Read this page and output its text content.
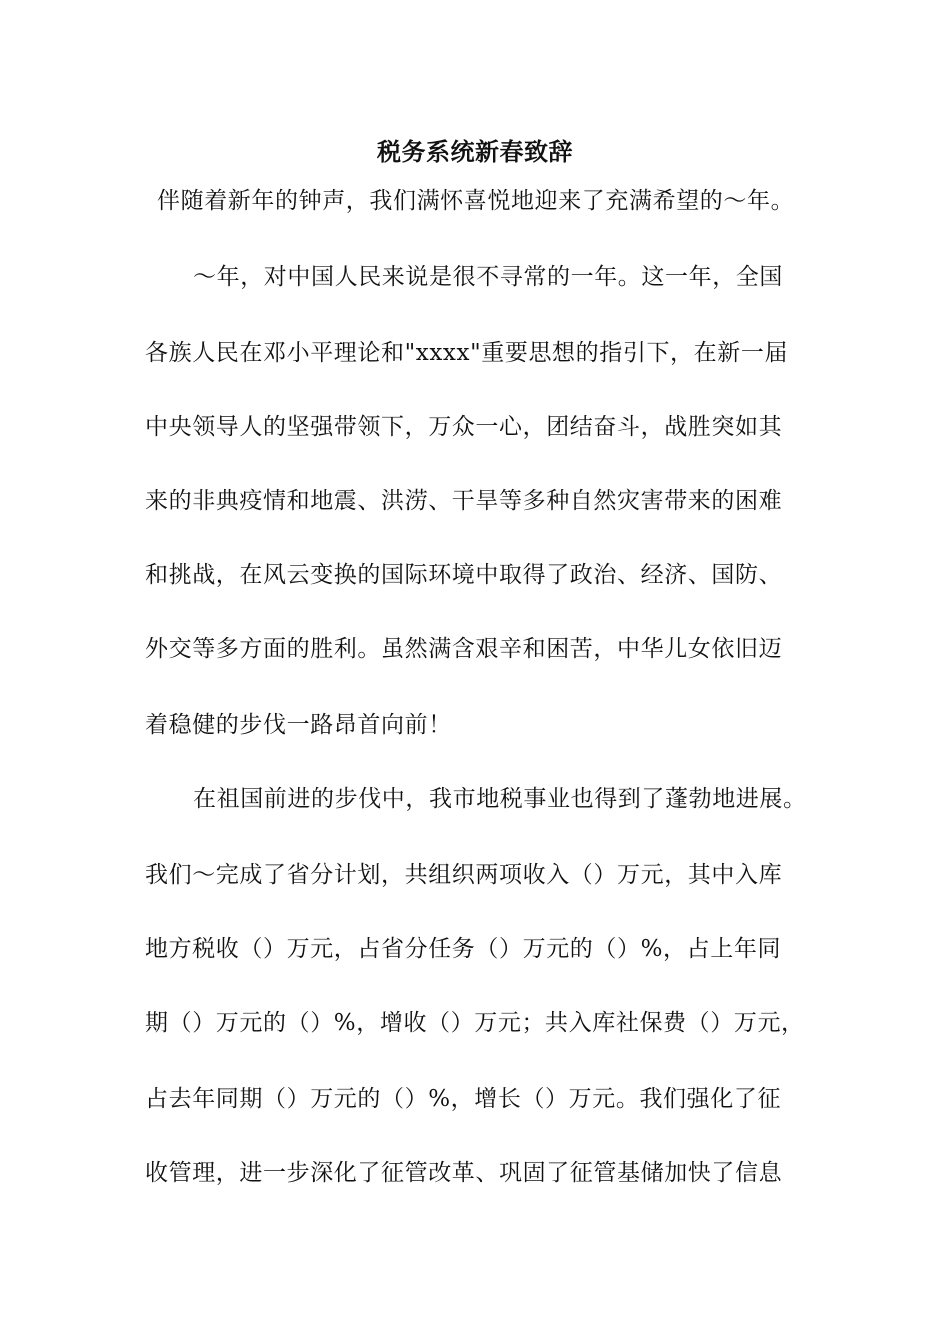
税务系统新春致辞
伴随着新年的钟声，我们满怀喜悦地迎来了充满希望的～年。
～年，对中国人民来说是很不寻常的一年。这一年，全国
各族人民在邓小平理论和"xxxx"重要思想的指引下，在新一届
中央领导人的坚强带领下，万众一心，团结奋斗，战胜突如其
来的非典疫情和地震、洪涝、干旱等多种自然灾害带来的困难
和挑战，在风云变换的国际环境中取得了政治、经济、国防、
外交等多方面的胜利。虽然满含艰辛和困苦，中华儿女依旧迈
着稳健的步伐一路昂首向前！
在祖国前进的步伐中，我市地税事业也得到了蓬勃地进展。
我们～完成了省分计划，共组织两项收入（）万元，其中入库
地方税收（）万元，占省分任务（）万元的（）%，占上年同
期（）万元的（）%，增收（）万元；共入库社保费（）万元，
占去年同期（）万元的（）%，增长（）万元。我们强化了征
收管理，进一步深化了征管改革、巩固了征管基储加快了信息
